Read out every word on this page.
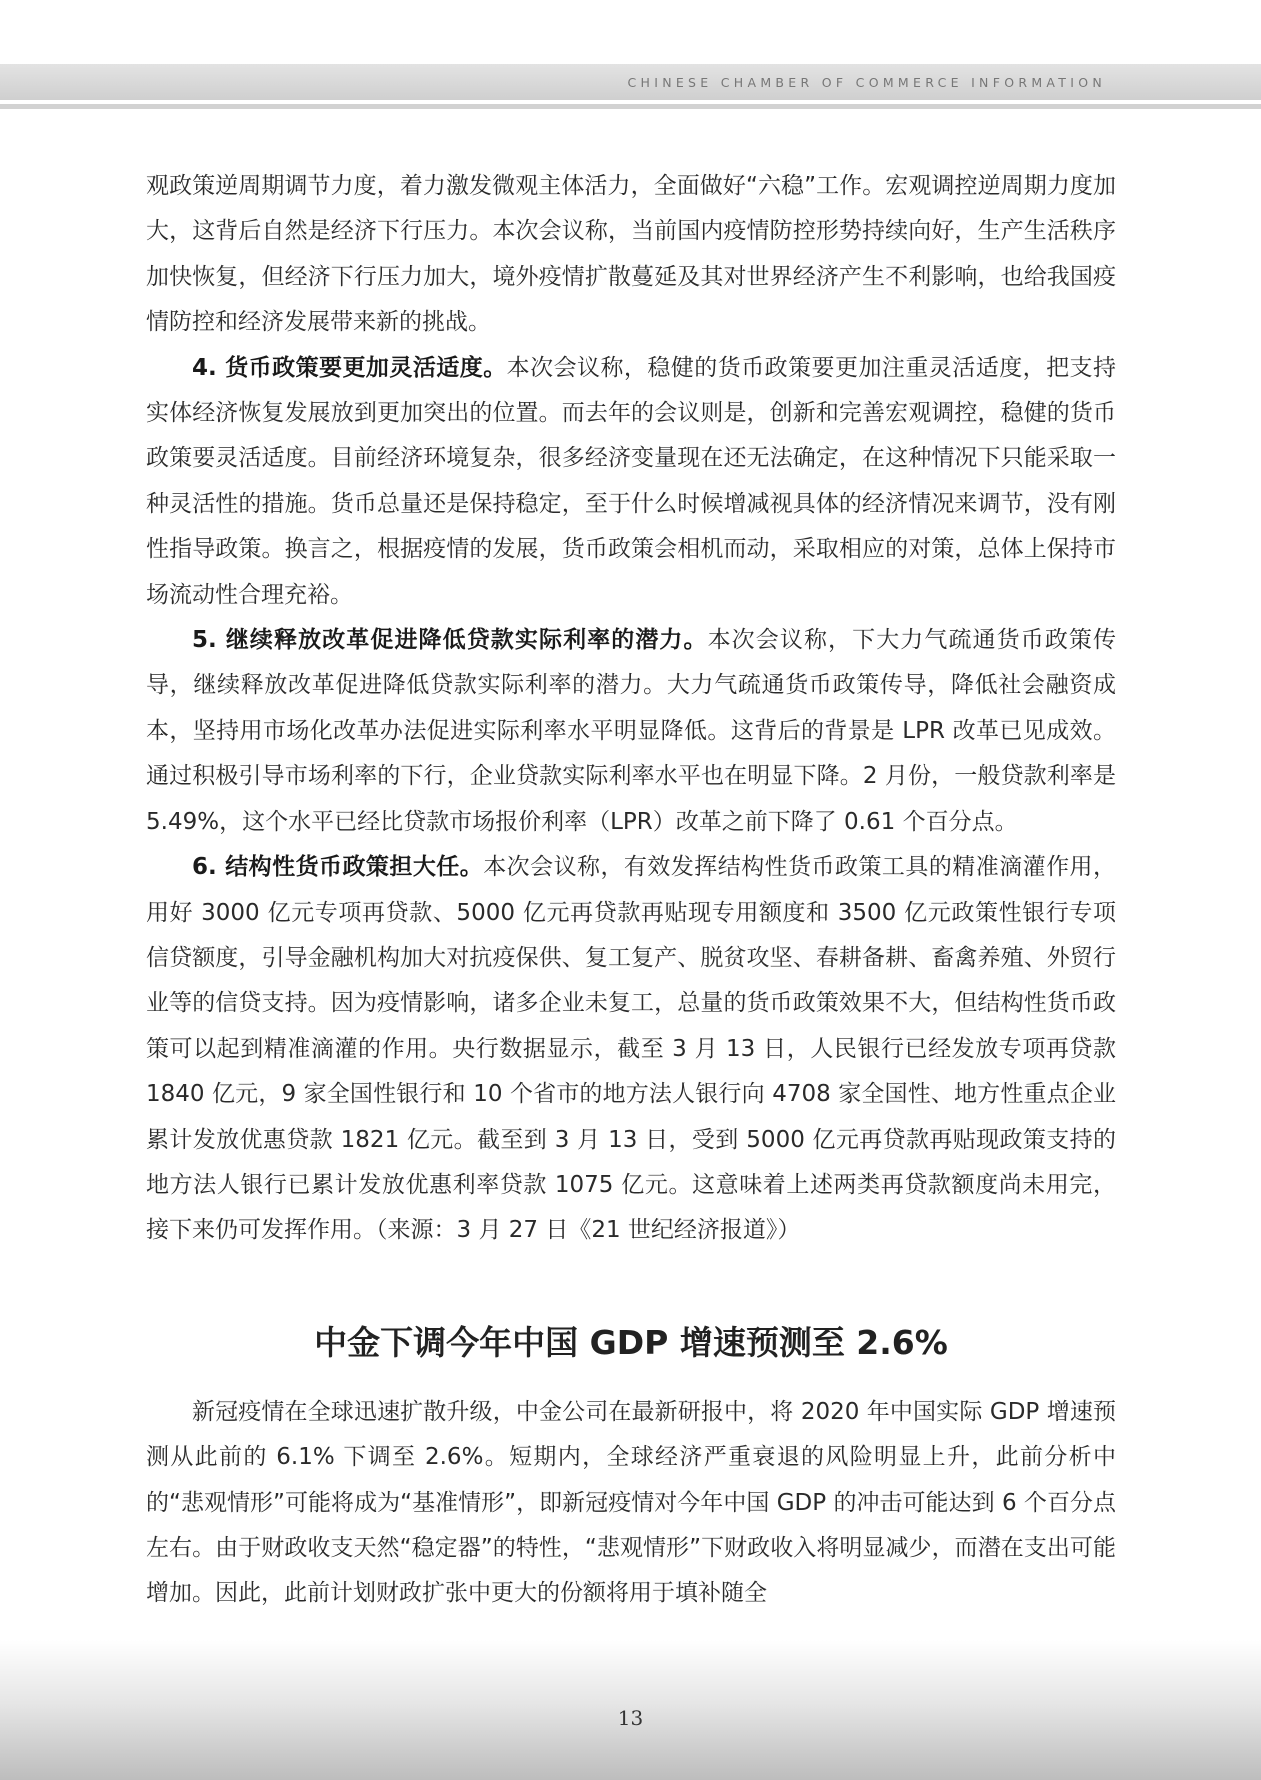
CHINESE CHAMBER OF COMMERCE INFORMATION

观政策逆周期调节力度，着力激发微观主体活力，全面做好“六稳”工作。宏观调控逆周期力度加大，这背后自然是经济下行压力。本次会议称，当前国内疫情防控形势持续向好，生产生活秩序加快恢复，但经济下行压力加大，境外疫情扩散蔓延及其对世界经济产生不利影响，也给我国疫情防控和经济发展带来新的挑战。

4. 货币政策要更加灵活适度。本次会议称，稳健的货币政策要更加注重灵活适度，把支持实体经济恢复发展放到更加突出的位置。而去年的会议则是，创新和完善宏观调控，稳健的货币政策要灵活适度。目前经济环境复杂，很多经济变量现在还无法确定，在这种情况下只能采取一种灵活性的措施。货币总量还是保持稳定，至于什么时候增减视具体的经济情况来调节，没有刚性指导政策。换言之，根据疫情的发展，货币政策会相机而动，采取相应的对策，总体上保持市场流动性合理充裕。

5. 继续释放改革促进降低贷款实际利率的潜力。本次会议称，下大力气疏通货币政策传导，继续释放改革促进降低贷款实际利率的潜力。大力气疏通货币政策传导，降低社会融资成本，坚持用市场化改革办法促进实际利率水平明显降低。这背后的背景是 LPR 改革已见成效。通过积极引导市场利率的下行，企业贷款实际利率水平也在明显下降。2 月份，一般贷款利率是 5.49%，这个水平已经比贷款市场报价利率（LPR）改革之前下降了 0.61 个百分点。

6. 结构性货币政策担大任。本次会议称，有效发挥结构性货币政策工具的精准滴灌作用，用好 3000 亿元专项再贷款、5000 亿元再贷款再贴现专用额度和 3500 亿元政策性银行专项信贷额度，引导金融机构加大对抗疫保供、复工复产、脱贫攻坚、春耕备耕、畜禽养殖、外贸行业等的信贷支持。因为疫情影响，诸多企业未复工，总量的货币政策效果不大，但结构性货币政策可以起到精准滴灌的作用。央行数据显示，截至 3 月 13 日，人民银行已经发放专项再贷款 1840 亿元，9 家全国性银行和 10 个省市的地方法人银行向 4708 家全国性、地方性重点企业累计发放优惠贷款 1821 亿元。截至到 3 月 13 日，受到 5000 亿元再贷款再贴现政策支持的地方法人银行已累计发放优惠利率贷款 1075 亿元。这意味着上述两类再贷款额度尚未用完，接下来仍可发挥作用。（来源：3 月 27 日《21 世纪经济报道》）

中金下调今年中国 GDP 增速预测至 2.6%

新冠疫情在全球迅速扩散升级，中金公司在最新研报中，将 2020 年中国实际 GDP 增速预测从此前的 6.1% 下调至 2.6%。短期内，全球经济严重衰退的风险明显上升，此前分析中的“悲观情形”可能将成为“基准情形”，即新冠疫情对今年中国 GDP 的冲击可能达到 6 个百分点左右。由于财政收支天然“稳定器”的特性，“悲观情形”下财政收入将明显减少，而潜在支出可能增加。因此，此前计划财政扩张中更大的份额将用于填补随全

13
